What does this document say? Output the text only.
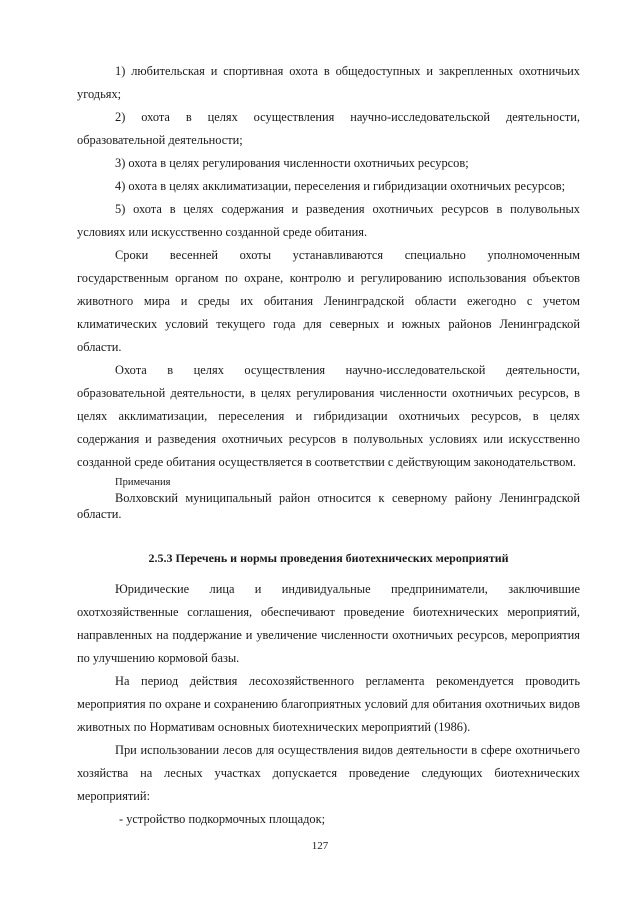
1) любительская и спортивная охота в общедоступных и закрепленных охотничьих угодьях;

2) охота в целях осуществления научно-исследовательской деятельности, образовательной деятельности;

3) охота в целях регулирования численности охотничьих ресурсов;

4) охота в целях акклиматизации, переселения и гибридизации охотничьих ресурсов;

5) охота в целях содержания и разведения охотничьих ресурсов в полувольных условиях или искусственно созданной среде обитания.

Сроки весенней охоты устанавливаются специально уполномоченным государственным органом по охране, контролю и регулированию использования объектов животного мира и среды их обитания Ленинградской области ежегодно с учетом климатических условий текущего года для северных и южных районов Ленинградской области.

Охота в целях осуществления научно-исследовательской деятельности, образовательной деятельности, в целях регулирования численности охотничьих ресурсов, в целях акклиматизации, переселения и гибридизации охотничьих ресурсов, в целях содержания и разведения охотничьих ресурсов в полувольных условиях или искусственно созданной среде обитания осуществляется в соответствии с действующим законодательством.

Примечания

Волховский муниципальный район относится к северному району Ленинградской области.

2.5.3 Перечень и нормы проведения биотехнических мероприятий

Юридические лица и индивидуальные предприниматели, заключившие охотхозяйственные соглашения, обеспечивают проведение биотехнических мероприятий, направленных на поддержание и увеличение численности охотничьих ресурсов, мероприятия по улучшению кормовой базы.

На период действия лесохозяйственного регламента рекомендуется проводить мероприятия по охране и сохранению благоприятных условий для обитания охотничьих видов животных по Нормативам основных биотехнических мероприятий (1986).

При использовании лесов для осуществления видов деятельности в сфере охотничьего хозяйства на лесных участках допускается проведение следующих биотехнических мероприятий:

- устройство подкормочных площадок;

127
